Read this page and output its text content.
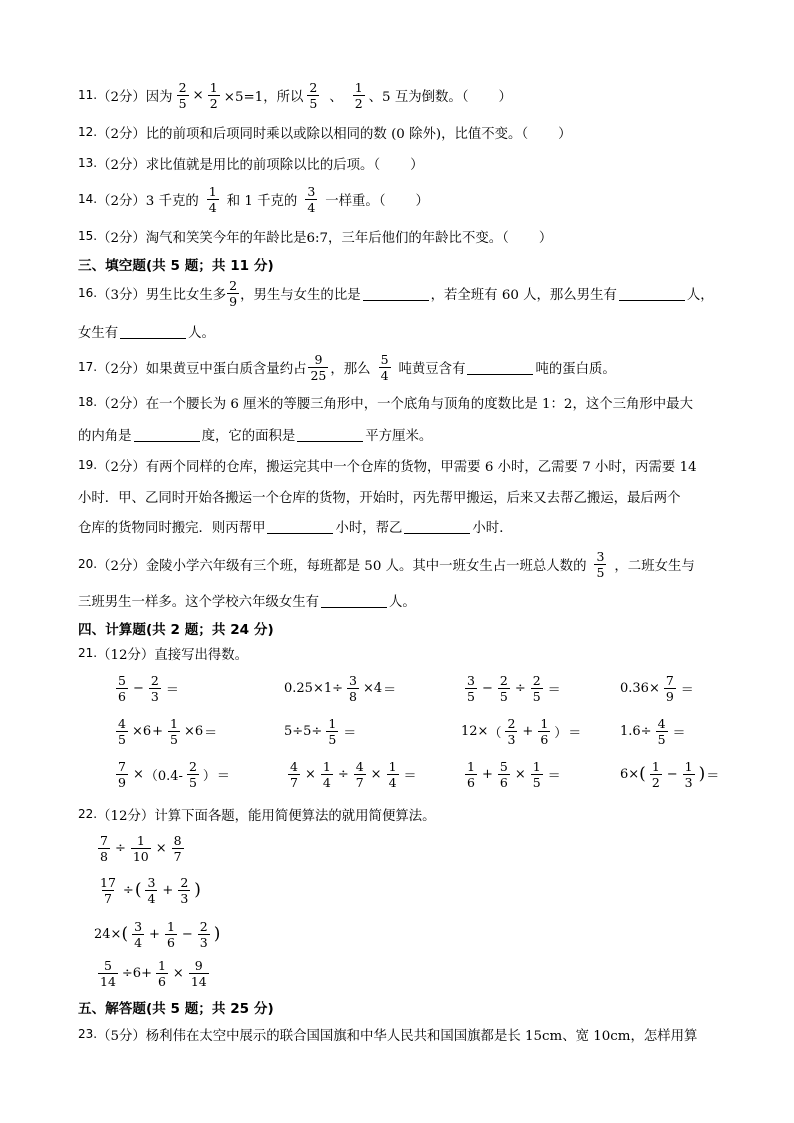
11. （2分） 因为 $\frac{2}{5} \times \frac{1}{2} \times 5=1$，所以 $\frac{2}{5}$ 、 $\frac{1}{2}$ 、5 互为倒数。（ ）
12. （2分） 比的前项和后项同时乘以或除以相同的数 (0 除外)，比值不变。（ ）
13. （2分） 求比值就是用比的前项除以比的后项。（ ）
14. （2分） 3 千克的 $\frac{1}{4}$ 和 1 千克的 $\frac{3}{4}$ 一样重。（ ）
15. （2分） 淘气和笑笑今年的年龄比是6:7，三年后他们的年龄比不变。（ ）
三、填空题(共 5 题；共 11 分)
16. （3分） 男生比女生多 $\frac{2}{9}$ ，男生与女生的比是	，若全班有 60 人，那么男生有	人，
女生有	人。
17. （2分） 如果黄豆中蛋白质含量约占 $\frac{9}{25}$ ，那么 $\frac{5}{4}$ 吨黄豆含有	吨的蛋白质。
18. （2分） 在一个腰长为 6 厘米的等腰三角形中，一个底角与顶角的度数比是 1：2，这个三角形中最大
的内角是	度，它的面积是	平方厘米。
19. （2分） 有两个同样的仓库，搬运完其中一个仓库的货物，甲需要 6 小时，乙需要 7 小时，丙需要 14
小时．甲、乙同时开始各搬运一个仓库的货物，开始时，丙先帮甲搬运，后来又去帮乙搬运，最后两个
仓库的货物同时搬完．则丙帮甲	小时，帮乙	小时．
20. （2分） 金陵小学六年级有三个班，每班都是 50 人。其中一班女生占一班总人数的 $\frac{3}{5}$ ，二班女生与
三班男生一样多。这个学校六年级女生有	人。
四、计算题(共 2 题；共 24 分)
21. （12分） 直接写出得数。
$\frac{5}{6} - \frac{2}{3}$ ＝	$0.25\times 1\div \frac{3}{8} \times 4$ ＝	$\frac{3}{5} - \frac{2}{5} \div \frac{2}{5}$ ＝	$0.36\times \frac{7}{9}$ ＝
$\frac{4}{5} \times 6 + \frac{1}{5} \times 6$ ＝	$5\div 5\div \frac{1}{5}$ ＝	12× （ $\frac{2}{3} + \frac{1}{6}$ ） ＝	$1.6\div \frac{4}{5}$ ＝
$\frac{7}{9} \times (0.4- \frac{2}{5}$ ） ＝	$\frac{4}{7} \times \frac{1}{4} \div \frac{4}{7} \times \frac{1}{4}$ ＝	$\frac{1}{6} + \frac{5}{6} \times \frac{1}{5}$ ＝	6× ( $\frac{1}{2} - \frac{1}{3}$ ) ＝
22. （12分） 计算下面各题，能用简便算法的就用简便算法。
$\frac{7}{8} \div \frac{1}{10} \times \frac{8}{7}$
$\frac{17}{7}$ ÷ ( $\frac{3}{4} + \frac{2}{3}$ )
24× ( $\frac{3}{4} + \frac{1}{6} - \frac{2}{3}$ )
$\frac{5}{14} \div 6+ \frac{1}{6} \times \frac{9}{14}$
五、解答题(共 5 题；共 25 分)
23. （5分） 杨利伟在太空中展示的联合国国旗和中华人民共和国国旗都是长 15cm、宽 10cm，怎样用算
